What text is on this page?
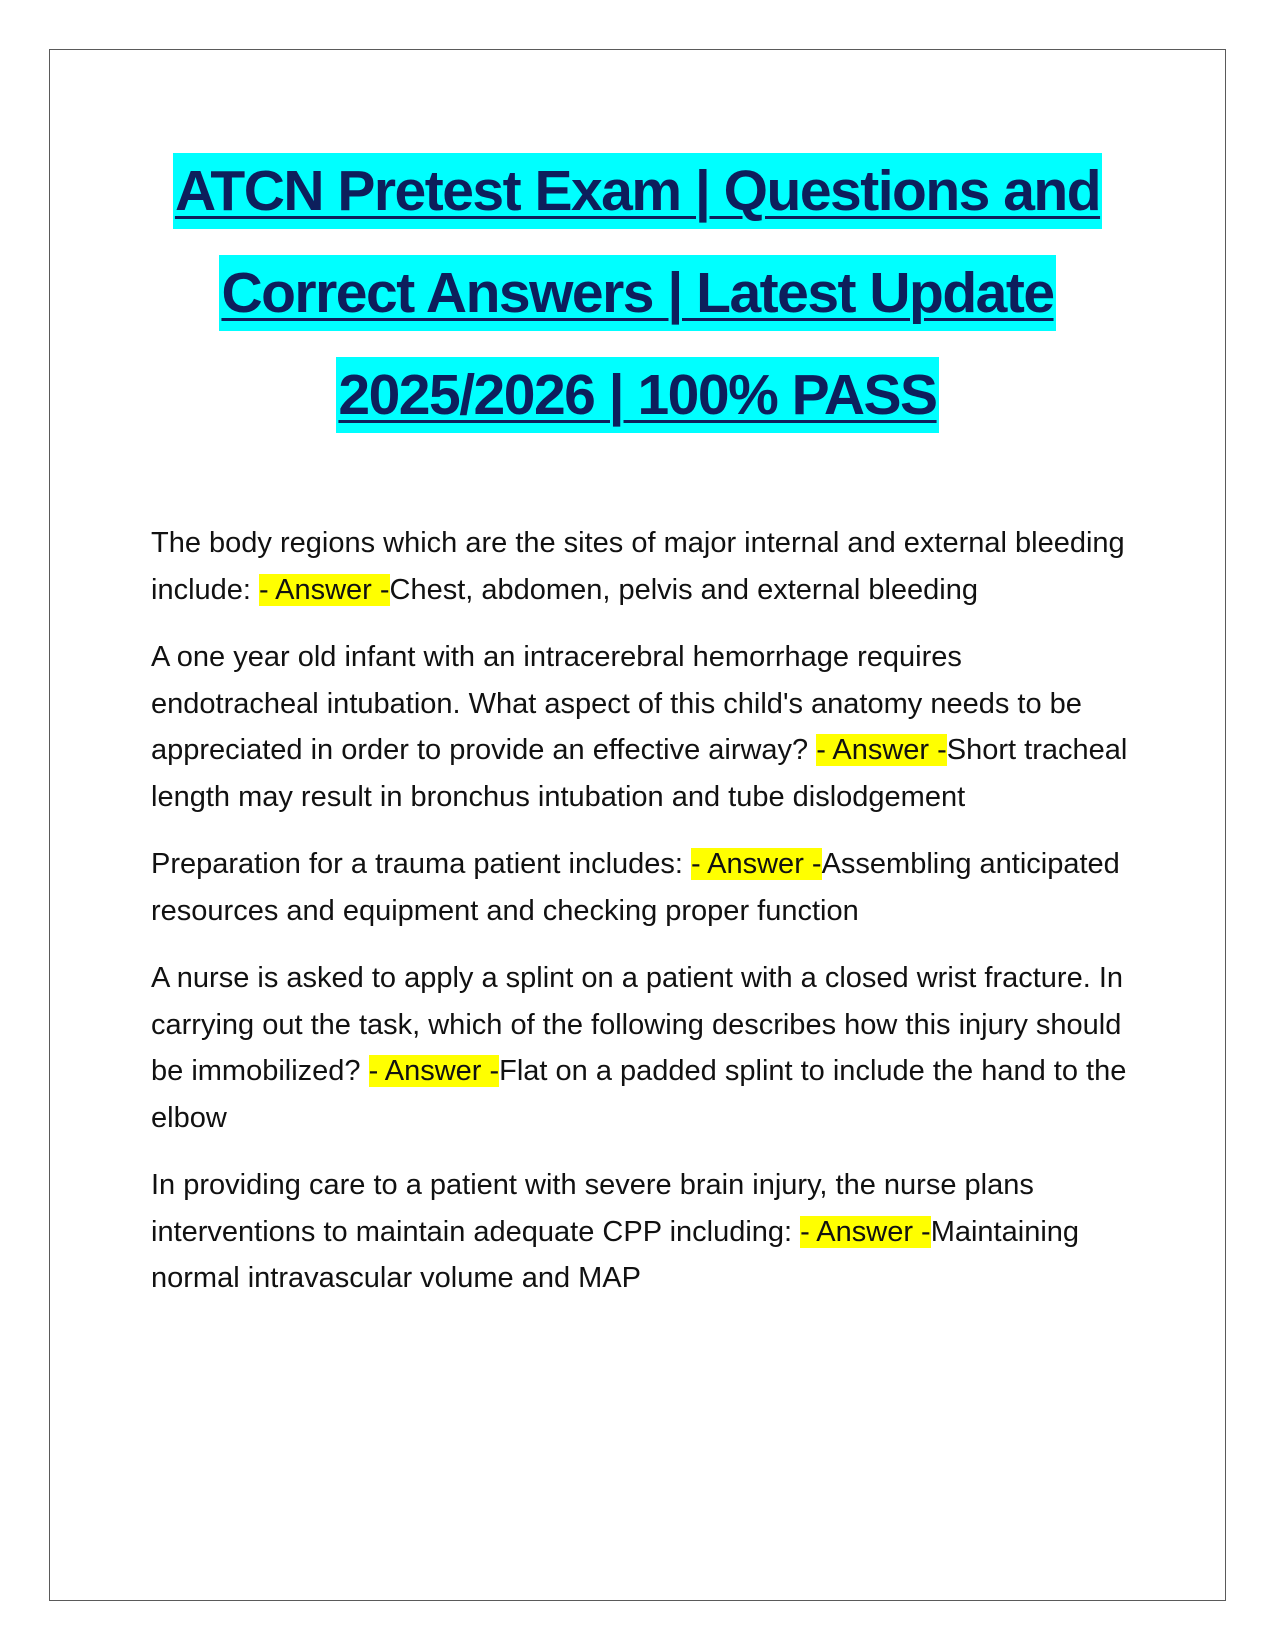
ATCN Pretest Exam | Questions and
Correct Answers | Latest Update
2025/2026 | 100% PASS

The body regions which are the sites of major internal and external bleeding include: - Answer -Chest, abdomen, pelvis and external bleeding

A one year old infant with an intracerebral hemorrhage requires endotracheal intubation. What aspect of this child's anatomy needs to be appreciated in order to provide an effective airway? - Answer -Short tracheal length may result in bronchus intubation and tube dislodgement

Preparation for a trauma patient includes: - Answer -Assembling anticipated resources and equipment and checking proper function

A nurse is asked to apply a splint on a patient with a closed wrist fracture. In carrying out the task, which of the following describes how this injury should be immobilized? - Answer -Flat on a padded splint to include the hand to the elbow

In providing care to a patient with severe brain injury, the nurse plans interventions to maintain adequate CPP including: - Answer -Maintaining normal intravascular volume and MAP
